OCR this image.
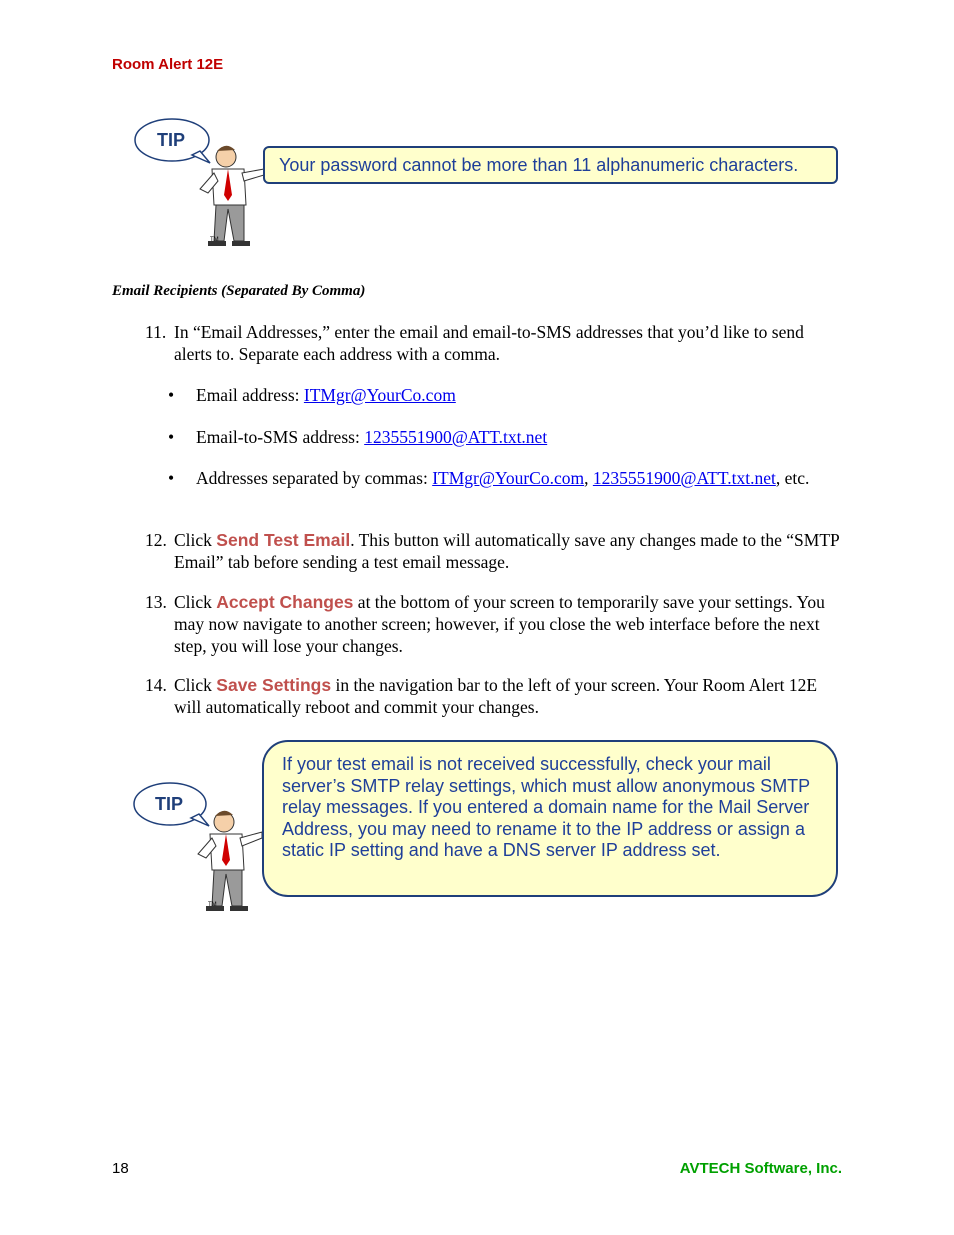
Room Alert 12E
TM
TIP
Your password cannot be more than 11 alphanumeric characters.
Email Recipients (Separated By Comma)
11. In “Email Addresses,” enter the email and email-to-SMS addresses that you’d like to send alerts to. Separate each address with a comma.
• Email address: ITMgr@YourCo.com
• Email-to-SMS address: 1235551900@ATT.txt.net
• Addresses separated by commas: ITMgr@YourCo.com, 1235551900@ATT.txt.net, etc.
12. Click Send Test Email. This button will automatically save any changes made to the “SMTP Email” tab before sending a test email message.
13. Click Accept Changes at the bottom of your screen to temporarily save your settings. You may now navigate to another screen; however, if you close the web interface before the next step, you will lose your changes.
14. Click Save Settings in the navigation bar to the left of your screen. Your Room Alert 12E will automatically reboot and commit your changes.
TM
TIP
If your test email is not received successfully, check your mail server’s SMTP relay settings, which must allow anonymous SMTP relay messages. If you entered a domain name for the Mail Server Address, you may need to rename it to the IP address or assign a static IP setting and have a DNS server IP address set.
18	AVTECH Software, Inc.
